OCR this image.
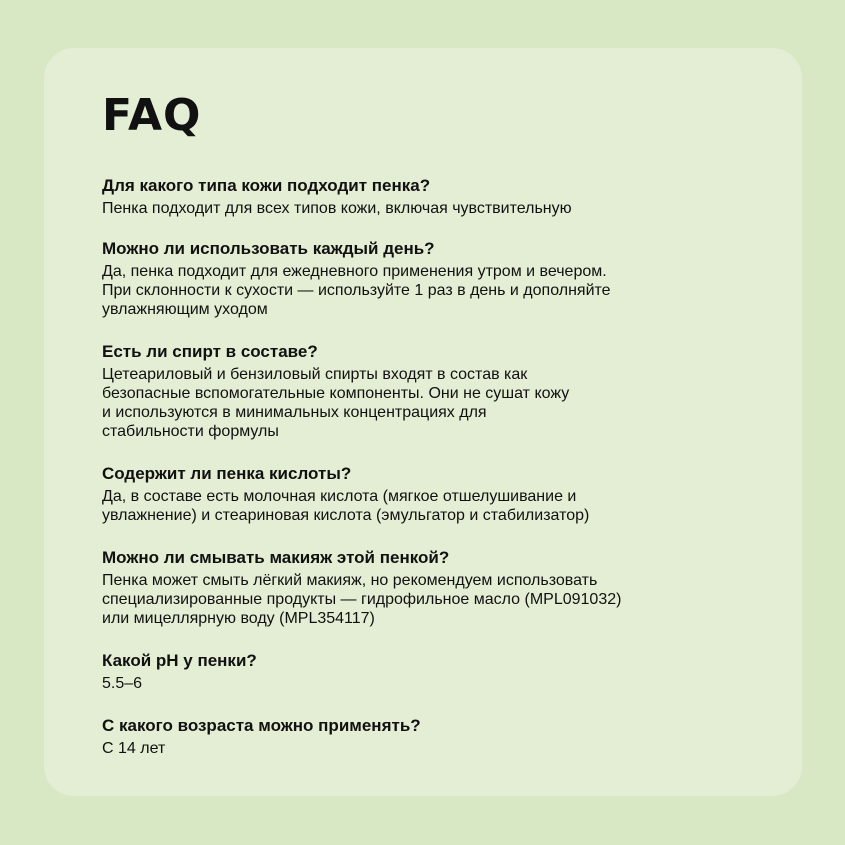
FAQ

Для какого типа кожи подходит пенка?

Пенка подходит для всех типов кожи, включая чувствительную

Можно ли использовать каждый день?

Да, пенка подходит для ежедневного применения утром и вечером.
При склонности к сухости — используйте 1 раз в день и дополняйте
увлажняющим уходом

Есть ли спирт в составе?

Цетеариловый и бензиловый спирты входят в состав как
безопасные вспомогательные компоненты. Они не сушат кожу
и используются в минимальных концентрациях для
стабильности формулы

Содержит ли пенка кислоты?

Да, в составе есть молочная кислота (мягкое отшелушивание и
увлажнение) и стеариновая кислота (эмульгатор и стабилизатор)

Можно ли смывать макияж этой пенкой?

Пенка может смыть лёгкий макияж, но рекомендуем использовать
специализированные продукты — гидрофильное масло (MPL091032)
или мицеллярную воду (MPL354117)

Какой pH у пенки?

5.5–6

С какого возраста можно применять?

С 14 лет
